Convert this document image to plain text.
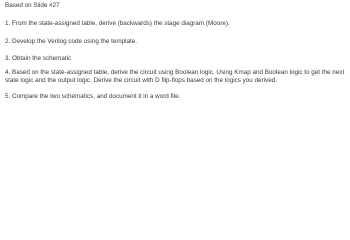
Based on Slide #27
1. From the state-assigned table, derive (backwards) the stage diagram (Moore).
2. Develop the Verilog code using the template.
3. Obtain the schematic
4. Based on the state-assigned table, derive the circuit using Boolean logic. Using Kmap and Boolean logic to get the next state logic and the output logic. Derive the circuit with D flip-flops based on the logics you derived.
5. Compare the two schematics, and document it in a word file.
